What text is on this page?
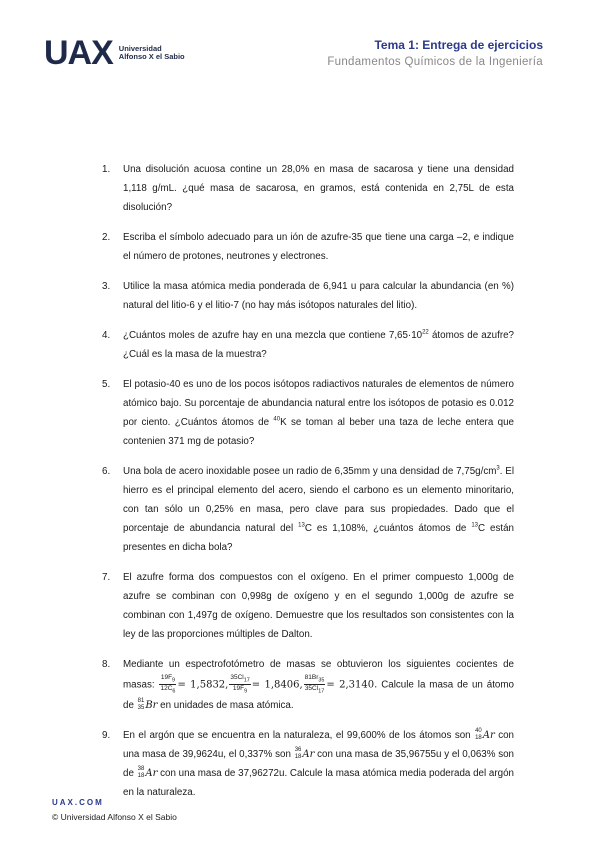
UAX Universidad
Alfonso X el Sabio
Tema 1: Entrega de ejercicios
Fundamentos Químicos de la Ingeniería
1.	Una disolución acuosa contine un 28,0% en masa de sacarosa y tiene una densidad 1,118 g/mL. ¿qué masa de sacarosa, en gramos, está contenida en 2,75L de esta disolución?
2.	Escriba el símbolo adecuado para un ión de azufre-35 que tiene una carga –2, e indique el número de protones, neutrones y electrones.
3.	Utilice la masa atómica media ponderada de 6,941 u para calcular la abundancia (en %) natural del litio-6 y el litio-7 (no hay más isótopos naturales del litio).
4.	¿Cuántos moles de azufre hay en una mezcla que contiene $7,65\cdot 10^{22}$ átomos de azufre? ¿Cuál es la masa de la muestra?
5.	El potasio-40 es uno de los pocos isótopos radiactivos naturales de elementos de número atómico bajo. Su porcentaje de abundancia natural entre los isótopos de potasio es 0.012 por ciento. ¿Cuántos átomos de $^{40}$K se toman al beber una taza de leche entera que contenien 371 mg de potasio?
6.	Una bola de acero inoxidable posee un radio de 6,35mm y una densidad de $7,75g/cm^3$. El hierro es el principal elemento del acero, siendo el carbono es un elemento minoritario, con tan sólo un 0,25% en masa, pero clave para sus propiedades. Dado que el porcentaje de abundancia natural del $^{13}$C es 1,108%, ¿cuántos átomos de $^{13}$C están presentes en dicha bola?
7.	El azufre forma dos compuestos con el oxígeno. En el primer compuesto 1,000g de azufre se combinan con 0,998g de oxígeno y en el segundo 1,000g de azufre se combinan con 1,497g de oxígeno. Demuestre que los resultados son consistentes con la ley de las proporciones múltiples de Dalton.
8.	Mediante un espectrofotómetro de masas se obtuvieron los siguientes cocientes de masas: $\frac{19F_9}{12C_6} = 1,5832$, $\frac{35Cl_{17}}{19F_9} = 1,8406$, $\frac{81Br_{35}}{35Cl_{17}} = 2,3140$. Calcule la masa de un átomo de 81
35 Br en unidades de masa atómica.
9.	En el argón que se encuentra en la naturaleza, el 99,600% de los átomos son 40
18 Ar con una masa de 39,9624u, el 0,337% son 36
18 Ar con una masa de 35,96755u y el 0,063% son de 38
18 Ar con una masa de 37,96272u. Calcule la masa atómica media poderada del argón en la naturaleza.
UAX.COM
© Universidad Alfonso X el Sabio
